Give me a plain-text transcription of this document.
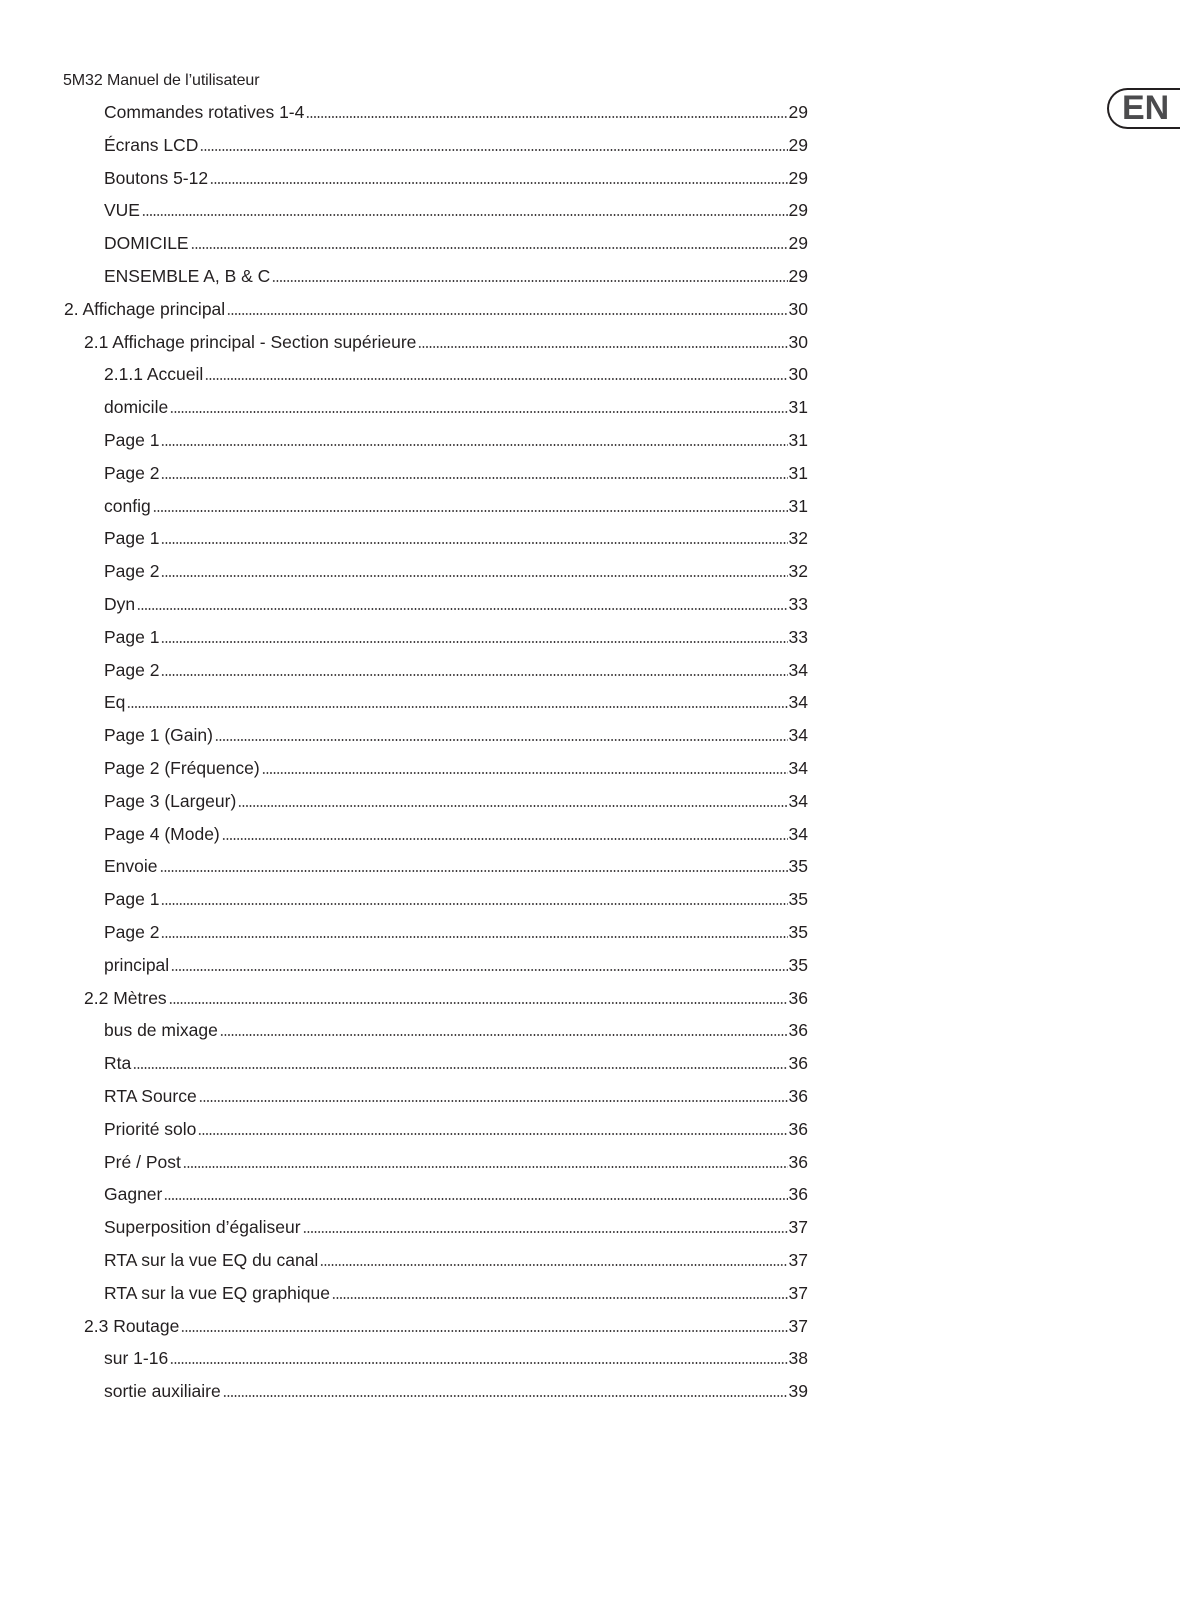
5M32 Manuel de l’utilisateur
EN
Commandes rotatives 1-4	29
Écrans LCD	29
Boutons 5-12	29
VUE	29
DOMICILE	29
ENSEMBLE A, B & C	29
2. Affichage principal	30
2.1 Affichage principal - Section supérieure	30
2.1.1 Accueil	30
domicile	31
Page 1	31
Page 2	31
config	31
Page 1	32
Page 2	32
Dyn	33
Page 1	33
Page 2	34
Eq	34
Page 1 (Gain)	34
Page 2 (Fréquence)	34
Page 3 (Largeur)	34
Page 4 (Mode)	34
Envoie	35
Page 1	35
Page 2	35
principal	35
2.2 Mètres	36
bus de mixage	36
Rta	36
RTA Source	36
Priorité solo	36
Pré / Post	36
Gagner	36
Superposition d’égaliseur	37
RTA sur la vue EQ du canal	37
RTA sur la vue EQ graphique	37
2.3 Routage	37
sur 1-16	38
sortie auxiliaire	39
